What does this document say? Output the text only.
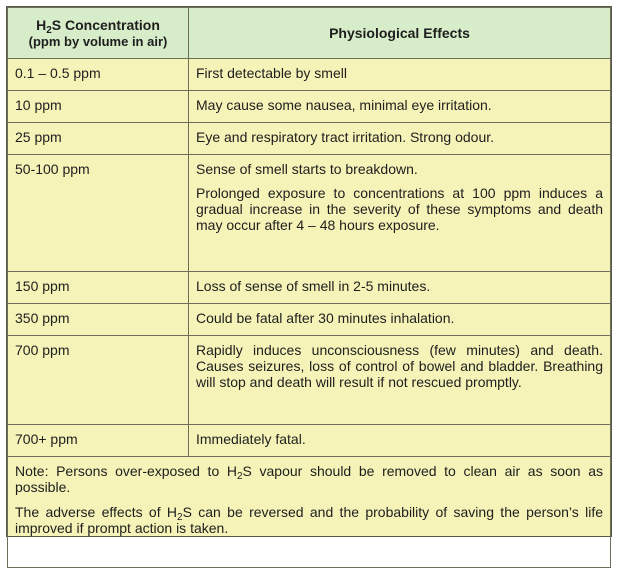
$H_2S$ Concentration
(ppm by volume in air)	Physiological Effects
0.1 – 0.5 ppm	First detectable by smell

10 ppm	May cause some nausea, minimal eye irritation.

25 ppm	Eye and respiratory tract irritation. Strong odour.

50-100 ppm	Sense of smell starts to breakdown.

Prolonged exposure to concentrations at 100 ppm induces a gradual increase in the severity of these symptoms and death may occur after 4 – 48 hours exposure.

150 ppm	Loss of sense of smell in 2-5 minutes.

350 ppm	Could be fatal after 30 minutes inhalation.

700 ppm	Rapidly induces unconsciousness (few minutes) and death. Causes seizures, loss of control of bowel and bladder. Breathing will stop and death will result if not rescued promptly.

700+ ppm	Immediately fatal.

Note: Persons over-exposed to $H_2S$ vapour should be removed to clean air as soon as possible.

The adverse effects of $H_2S$ can be reversed and the probability of saving the person’s life improved if prompt action is taken.	
